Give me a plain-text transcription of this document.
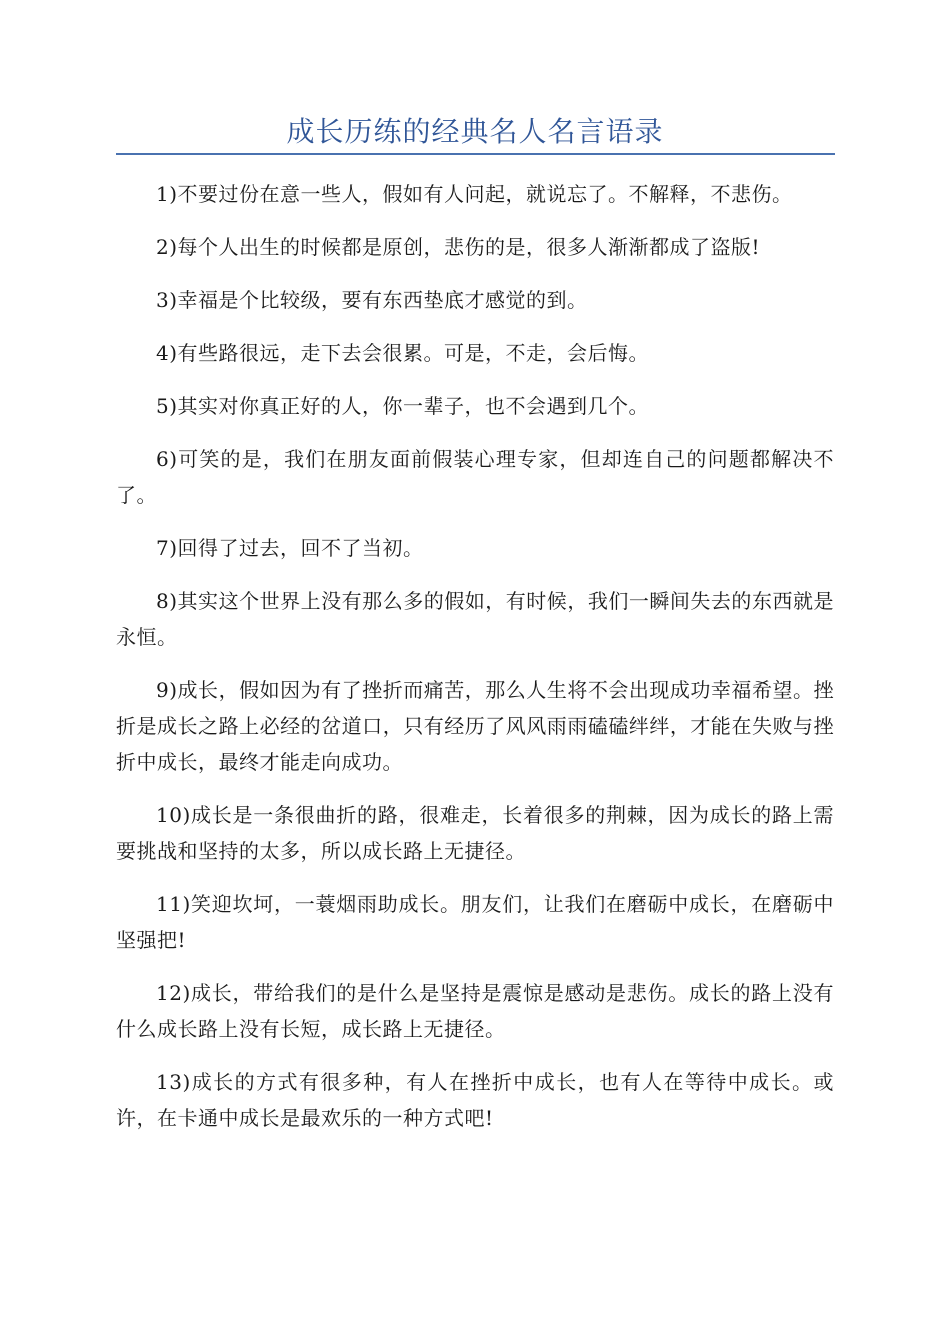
成长历练的经典名人名言语录

1)不要过份在意一些人，假如有人问起，就说忘了。不解释，不悲伤。

2)每个人出生的时候都是原创，悲伤的是，很多人渐渐都成了盗版!

3)幸福是个比较级，要有东西垫底才感觉的到。

4)有些路很远，走下去会很累。可是，不走，会后悔。

5)其实对你真正好的人，你一辈子，也不会遇到几个。

6)可笑的是，我们在朋友面前假装心理专家，但却连自己的问题都解决不了。

7)回得了过去，回不了当初。

8)其实这个世界上没有那么多的假如，有时候，我们一瞬间失去的东西就是永恒。

9)成长，假如因为有了挫折而痛苦，那么人生将不会出现成功幸福希望。挫折是成长之路上必经的岔道口，只有经历了风风雨雨磕磕绊绊，才能在失败与挫折中成长，最终才能走向成功。

10)成长是一条很曲折的路，很难走，长着很多的荆棘，因为成长的路上需要挑战和坚持的太多，所以成长路上无捷径。

11)笑迎坎坷，一蓑烟雨助成长。朋友们，让我们在磨砺中成长，在磨砺中坚强把!

12)成长，带给我们的是什么是坚持是震惊是感动是悲伤。成长的路上没有什么成长路上没有长短，成长路上无捷径。

13)成长的方式有很多种，有人在挫折中成长，也有人在等待中成长。或许，在卡通中成长是最欢乐的一种方式吧!
